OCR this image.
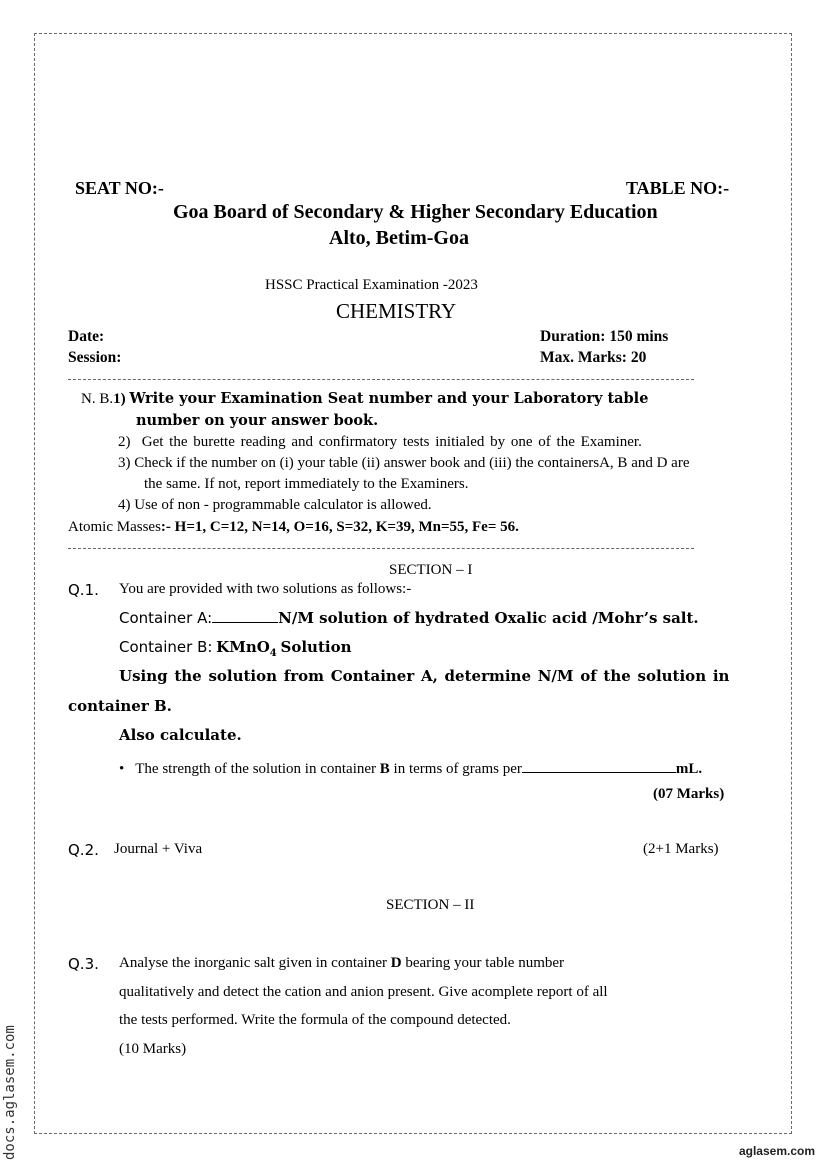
SEAT NO:-	TABLE NO:-
Goa Board of Secondary & Higher Secondary Education
Alto, Betim-Goa
HSSC Practical Examination -2023
CHEMISTRY
Date:
Session:
Duration: 150 mins
Max. Marks: 20
N. B.1) Write your Examination Seat number and your Laboratory table
number on your answer book.
2) Get the burette reading and confirmatory tests initialed by one of the Examiner.
3) Check if the number on (i) your table (ii) answer book and (iii) the containersA, B and D are
the same. If not, report immediately to the Examiners.
4) Use of non - programmable calculator is allowed.
Atomic Masses:- H=1, C=12, N=14, O=16, S=32, K=39, Mn=55, Fe= 56.
SECTION – I
Q.1. You are provided with two solutions as follows:-
Container A:	N/M solution of hydrated Oxalic acid /Mohr’s salt.
Container B: KMnO$_4$ Solution
Using the solution from Container A, determine N/M of the solution in
container B.
Also calculate.
• The strength of the solution in container B in terms of grams per	mL.
(07 Marks)
Q.2. Journal + Viva	(2+1 Marks)
SECTION – II
Q.3. Analyse the inorganic salt given in container D bearing your table number
qualitatively and detect the cation and anion present. Give acomplete report of all
the tests performed. Write the formula of the compound detected.
(10 Marks)
docs.aglasem.com	aglasem.com
